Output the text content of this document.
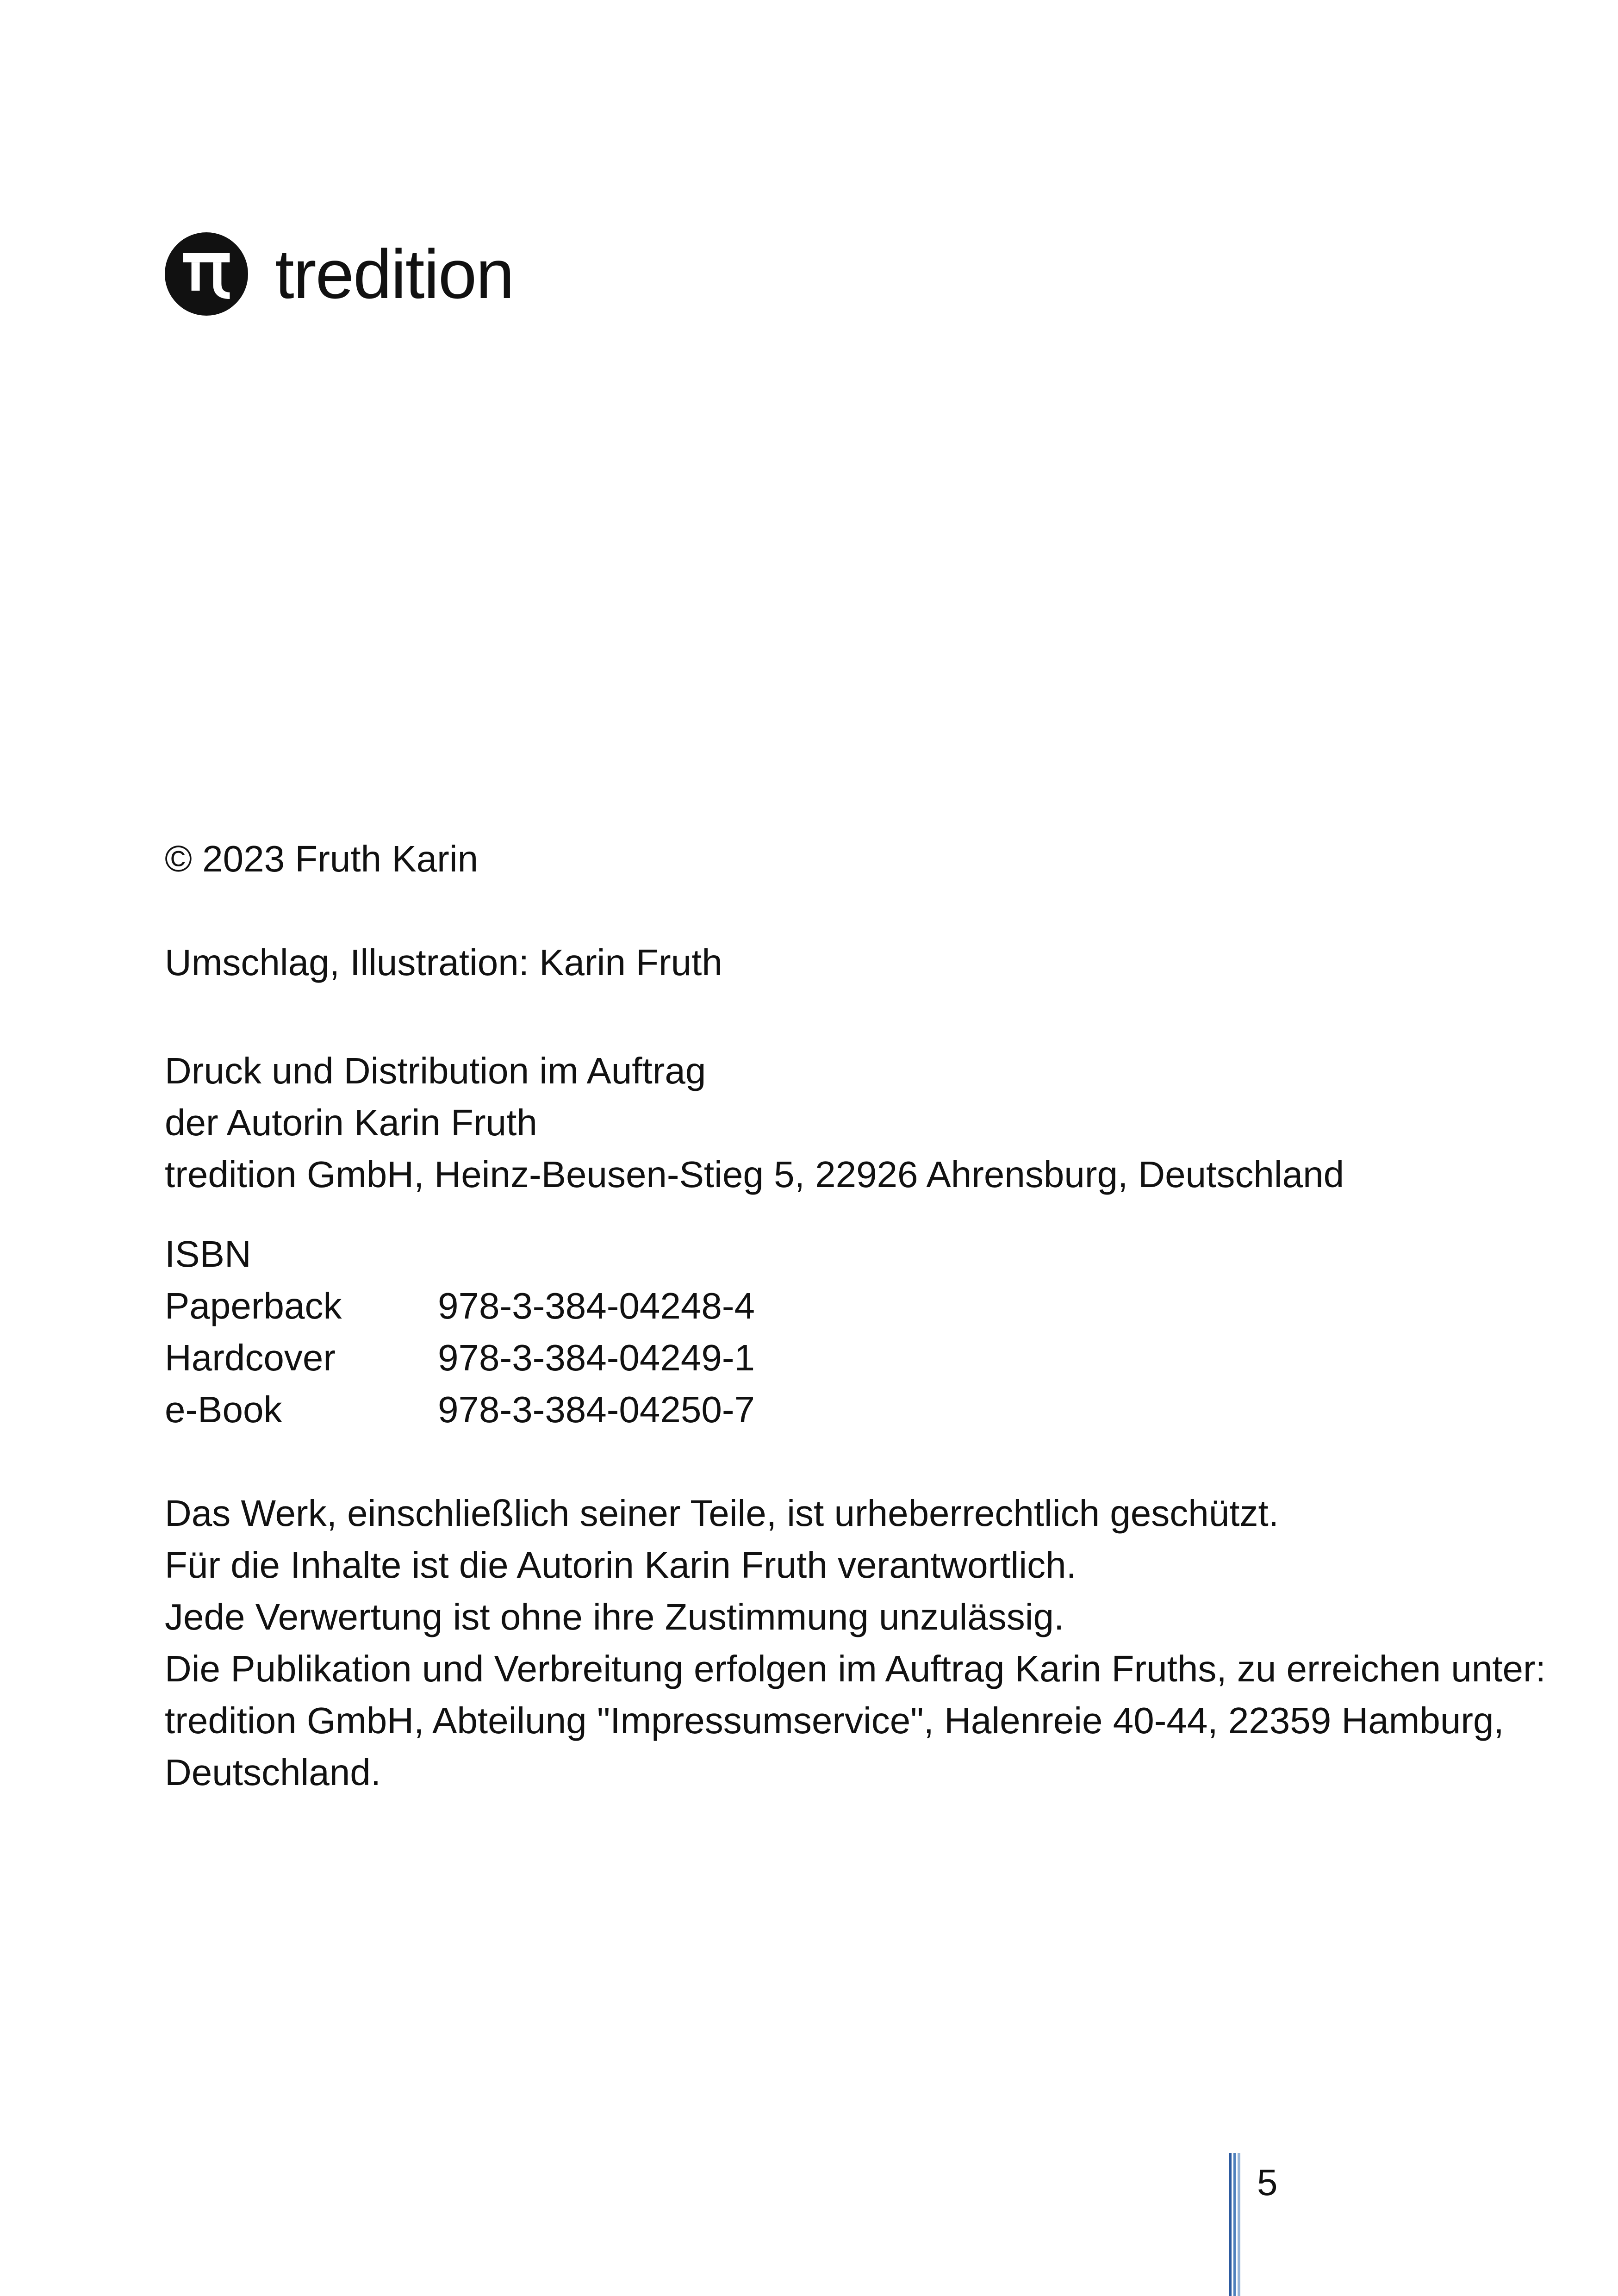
tredition

© 2023 Fruth Karin

Umschlag, Illustration: Karin Fruth

Druck und Distribution im Auftrag

der Autorin Karin Fruth

tredition GmbH, Heinz-Beusen-Stieg 5, 22926 Ahrensburg, Deutschland

ISBN

Paperback	978-3-384-04248-4
Hardcover	978-3-384-04249-1
e-Book	978-3-384-04250-7

Das Werk, einschließlich seiner Teile, ist urheberrechtlich geschützt.

Für die Inhalte ist die Autorin Karin Fruth verantwortlich.

Jede Verwertung ist ohne ihre Zustimmung unzulässig.

Die Publikation und Verbreitung erfolgen im Auftrag Karin Fruths, zu erreichen unter: tredition GmbH, Abteilung "Impressumservice", Halenreie 40-44, 22359 Hamburg, Deutschland.

5
